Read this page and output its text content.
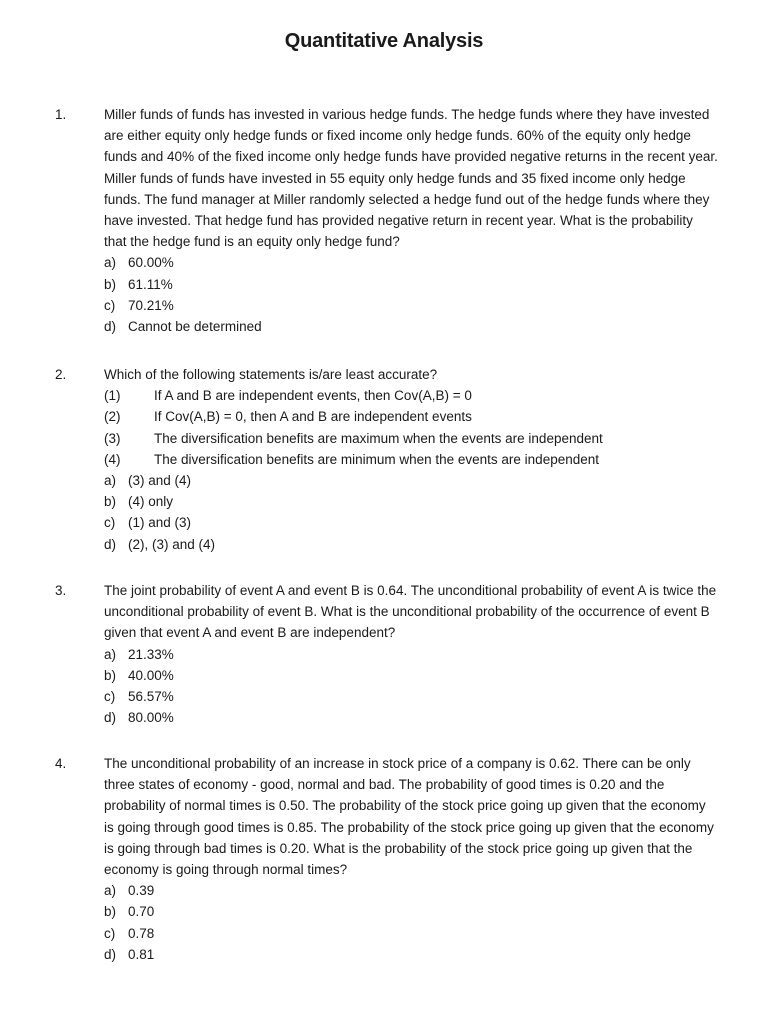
Quantitative Analysis
1.	Miller funds of funds has invested in various hedge funds. The hedge funds where they have invested are either equity only hedge funds or fixed income only hedge funds. 60% of the equity only hedge funds and 40% of the fixed income only hedge funds have provided negative returns in the recent year. Miller funds of funds have invested in 55 equity only hedge funds and 35 fixed income only hedge funds. The fund manager at Miller randomly selected a hedge fund out of the hedge funds where they have invested. That hedge fund has provided negative return in recent year. What is the probability that the hedge fund is an equity only hedge fund?

a) 60.00%
b) 61.11%
c) 70.21%
d) Cannot be determined
2.	Which of the following statements is/are least accurate?

(1)	If A and B are independent events, then Cov(A,B) = 0
(2)	If Cov(A,B) = 0, then A and B are independent events
(3)	The diversification benefits are maximum when the events are independent
(4)	The diversification benefits are minimum when the events are independent
a) (3) and (4)
b) (4) only
c) (1) and (3)
d) (2), (3) and (4)
3.	The joint probability of event A and event B is 0.64. The unconditional probability of event A is twice the unconditional probability of event B. What is the unconditional probability of the occurrence of event B given that event A and event B are independent?

a) 21.33%
b) 40.00%
c) 56.57%
d) 80.00%
4.	The unconditional probability of an increase in stock price of a company is 0.62. There can be only three states of economy - good, normal and bad. The probability of good times is 0.20 and the probability of normal times is 0.50. The probability of the stock price going up given that the economy is going through good times is 0.85. The probability of the stock price going up given that the economy is going through bad times is 0.20. What is the probability of the stock price going up given that the economy is going through normal times?

a) 0.39
b) 0.70
c) 0.78
d) 0.81
